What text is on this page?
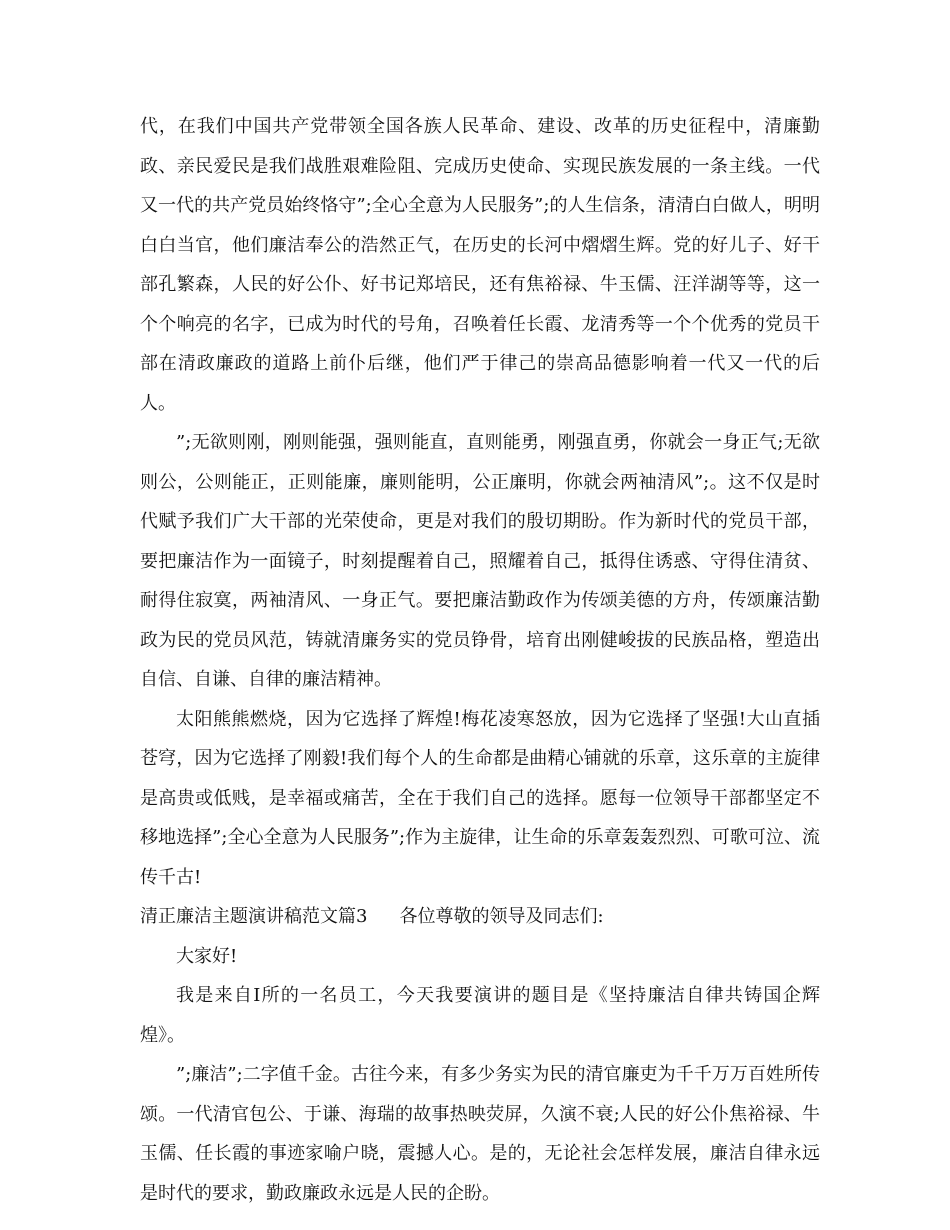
代，在我们中国共产党带领全国各族人民革命、建设、改革的历史征程中，清廉勤政、亲民爱民是我们战胜艰难险阻、完成历史使命、实现民族发展的一条主线。一代又一代的共产党员始终恪守”;全心全意为人民服务”;的人生信条，清清白白做人，明明白白当官，他们廉洁奉公的浩然正气，在历史的长河中熠熠生辉。党的好儿子、好干部孔繁森，人民的好公仆、好书记郑培民，还有焦裕禄、牛玉儒、汪洋湖等等，这一个个响亮的名字，已成为时代的号角，召唤着任长霞、龙清秀等一个个优秀的党员干部在清政廉政的道路上前仆后继，他们严于律己的崇高品德影响着一代又一代的后人。

”;无欲则刚，刚则能强，强则能直，直则能勇，刚强直勇，你就会一身正气;无欲则公，公则能正，正则能廉，廉则能明，公正廉明，你就会两袖清风”;。这不仅是时代赋予我们广大干部的光荣使命，更是对我们的殷切期盼。作为新时代的党员干部，要把廉洁作为一面镜子，时刻提醒着自己，照耀着自己，抵得住诱惑、守得住清贫、耐得住寂寞，两袖清风、一身正气。要把廉洁勤政作为传颂美德的方舟，传颂廉洁勤政为民的党员风范，铸就清廉务实的党员铮骨，培育出刚健峻拔的民族品格，塑造出自信、自谦、自律的廉洁精神。

太阳熊熊燃烧，因为它选择了辉煌!梅花凌寒怒放，因为它选择了坚强!大山直插苍穹，因为它选择了刚毅!我们每个人的生命都是曲精心铺就的乐章，这乐章的主旋律是高贵或低贱，是幸福或痛苦，全在于我们自己的选择。愿每一位领导干部都坚定不移地选择”;全心全意为人民服务”;作为主旋律，让生命的乐章轰轰烈烈、可歌可泣、流传千古!

清正廉洁主题演讲稿范文篇3 各位尊敬的领导及同志们:

大家好!

我是来自I所的一名员工，今天我要演讲的题目是《坚持廉洁自律共铸国企辉煌》。

”;廉洁”;二字值千金。古往今来，有多少务实为民的清官廉吏为千千万万百姓所传颂。一代清官包公、于谦、海瑞的故事热映荧屏，久演不衰;人民的好公仆焦裕禄、牛玉儒、任长霞的事迹家喻户晓，震撼人心。是的，无论社会怎样发展，廉洁自律永远是时代的要求，勤政廉政永远是人民的企盼。
